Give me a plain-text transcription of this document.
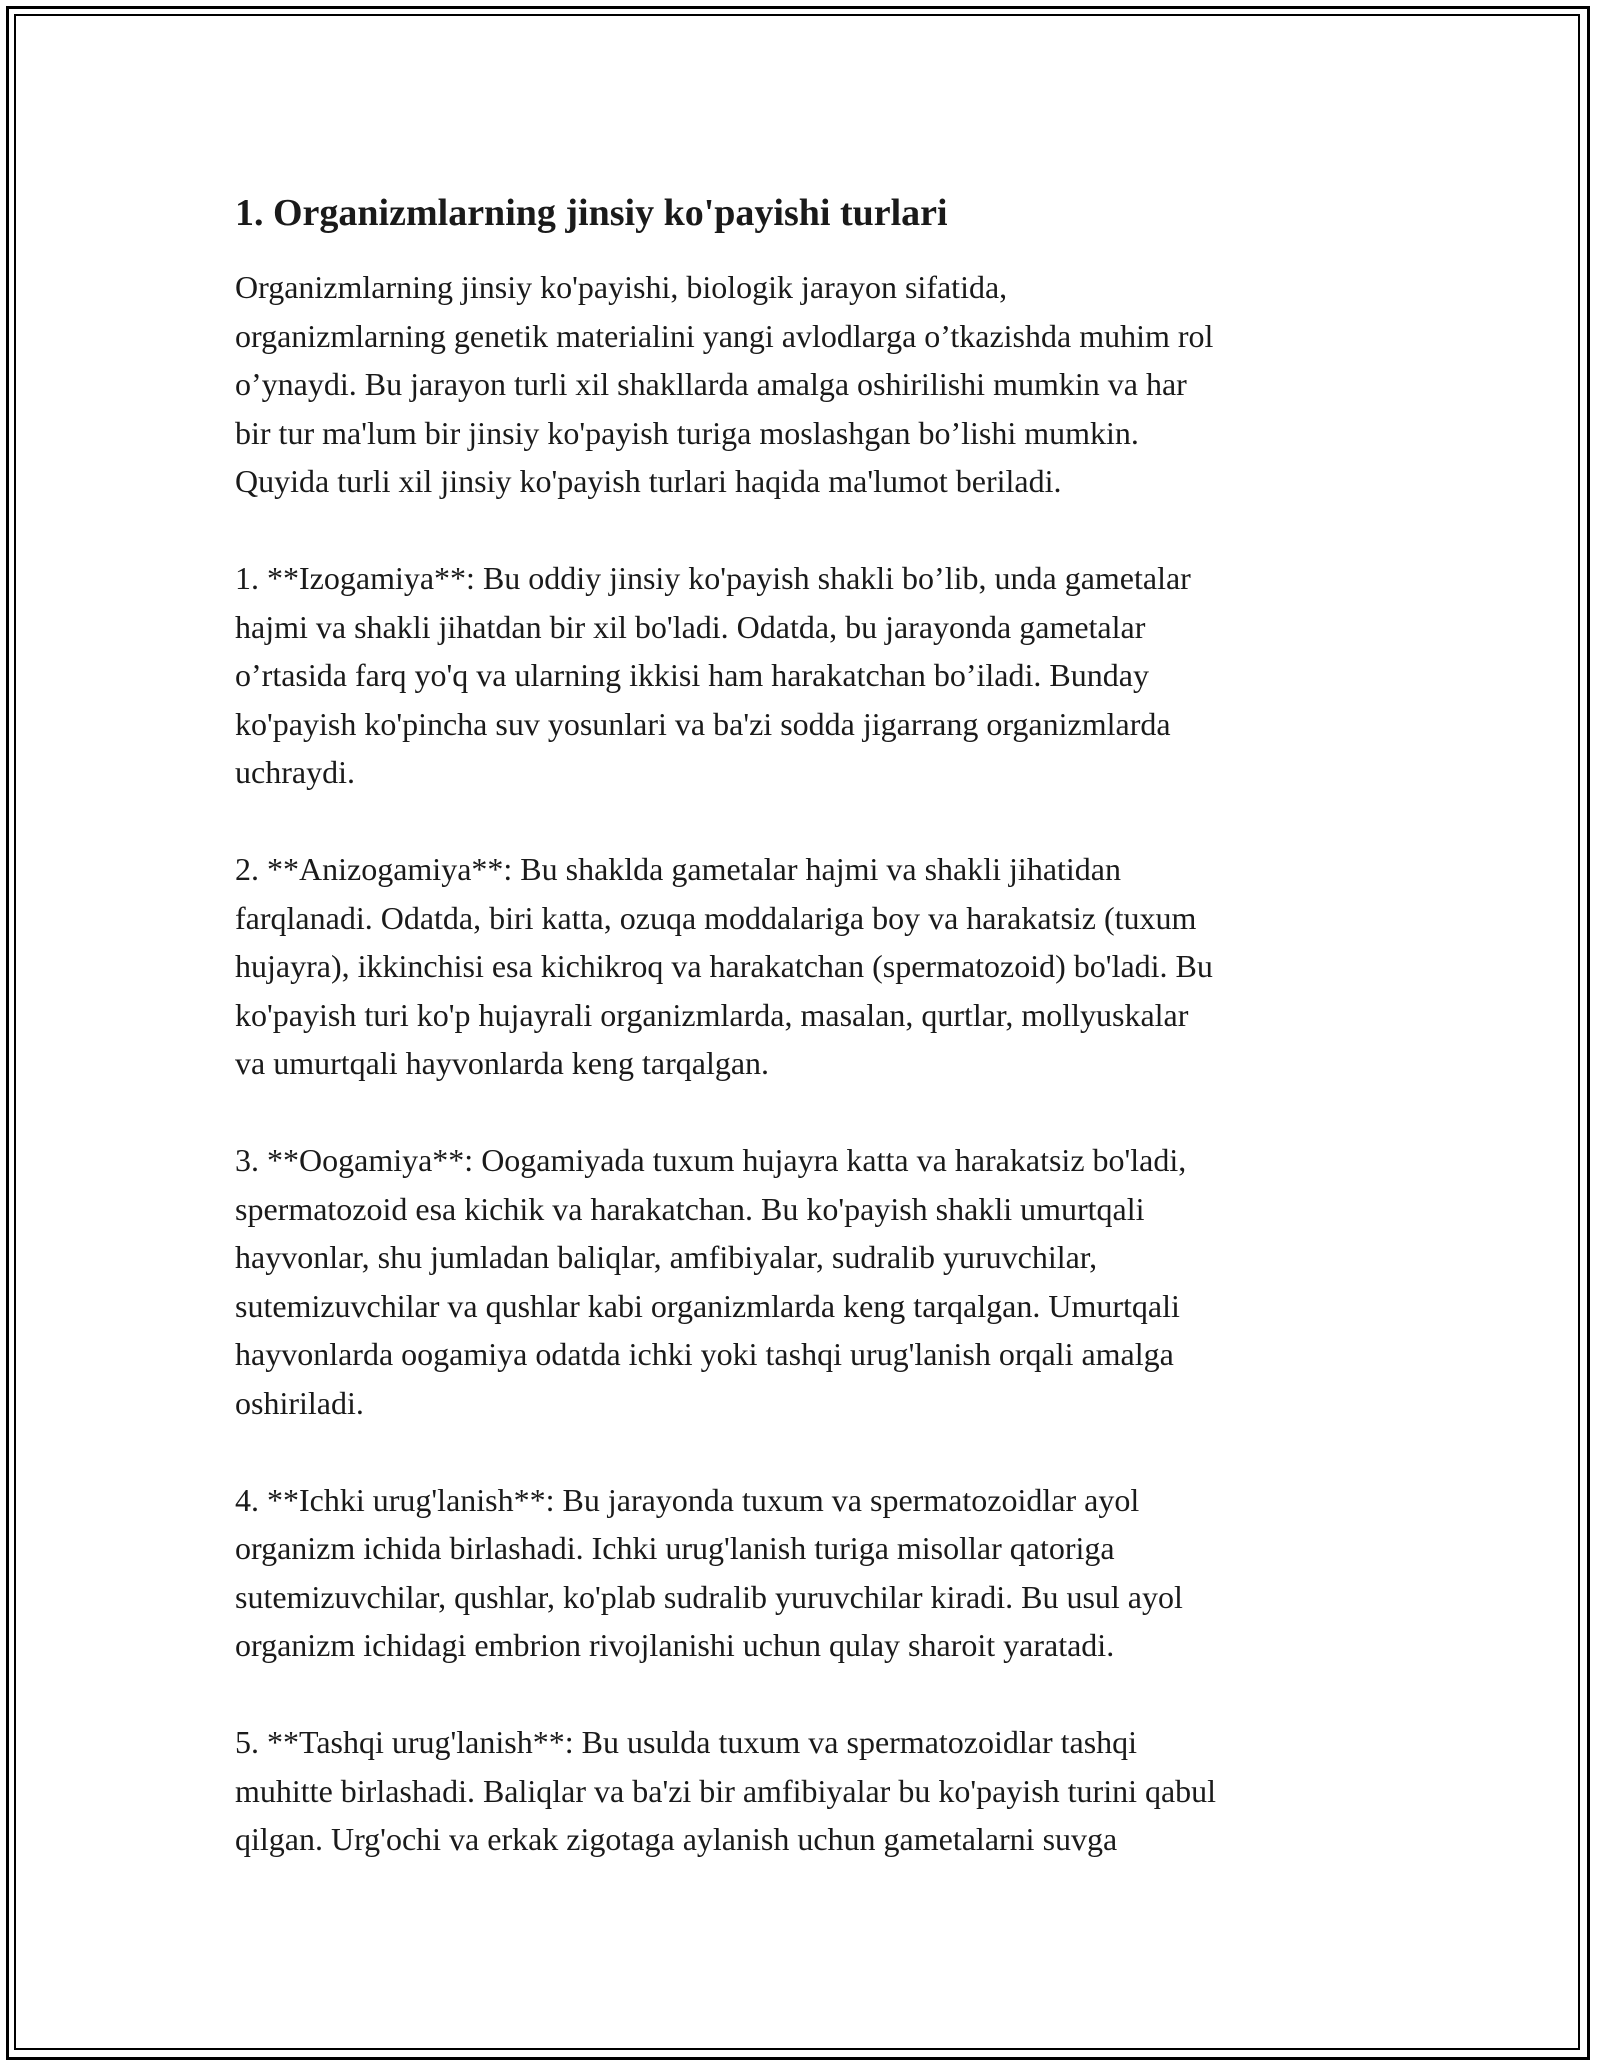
1. Organizmlarning jinsiy ko'payishi turlari

Organizmlarning jinsiy ko'payishi, biologik jarayon sifatida,
organizmlarning genetik materialini yangi avlodlarga o’tkazishda muhim rol
o’ynaydi. Bu jarayon turli xil shakllarda amalga oshirilishi mumkin va har
bir tur ma'lum bir jinsiy ko'payish turiga moslashgan bo’lishi mumkin.
Quyida turli xil jinsiy ko'payish turlari haqida ma'lumot beriladi.

1. **Izogamiya**: Bu oddiy jinsiy ko'payish shakli bo’lib, unda gametalar
hajmi va shakli jihatdan bir xil bo'ladi. Odatda, bu jarayonda gametalar
o’rtasida farq yo'q va ularning ikkisi ham harakatchan bo’iladi. Bunday
ko'payish ko'pincha suv yosunlari va ba'zi sodda jigarrang organizmlarda
uchraydi.

2. **Anizogamiya**: Bu shaklda gametalar hajmi va shakli jihatidan
farqlanadi. Odatda, biri katta, ozuqa moddalariga boy va harakatsiz (tuxum
hujayra), ikkinchisi esa kichikroq va harakatchan (spermatozoid) bo'ladi. Bu
ko'payish turi ko'p hujayrali organizmlarda, masalan, qurtlar, mollyuskalar
va umurtqali hayvonlarda keng tarqalgan.

3. **Oogamiya**: Oogamiyada tuxum hujayra katta va harakatsiz bo'ladi,
spermatozoid esa kichik va harakatchan. Bu ko'payish shakli umurtqali
hayvonlar, shu jumladan baliqlar, amfibiyalar, sudralib yuruvchilar,
sutemizuvchilar va qushlar kabi organizmlarda keng tarqalgan. Umurtqali
hayvonlarda oogamiya odatda ichki yoki tashqi urug'lanish orqali amalga
oshiriladi.

4. **Ichki urug'lanish**: Bu jarayonda tuxum va spermatozoidlar ayol
organizm ichida birlashadi. Ichki urug'lanish turiga misollar qatoriga
sutemizuvchilar, qushlar, ko'plab sudralib yuruvchilar kiradi. Bu usul ayol
organizm ichidagi embrion rivojlanishi uchun qulay sharoit yaratadi.

5. **Tashqi urug'lanish**: Bu usulda tuxum va spermatozoidlar tashqi
muhitte birlashadi. Baliqlar va ba'zi bir amfibiyalar bu ko'payish turini qabul
qilgan. Urg'ochi va erkak zigotaga aylanish uchun gametalarni suvga
